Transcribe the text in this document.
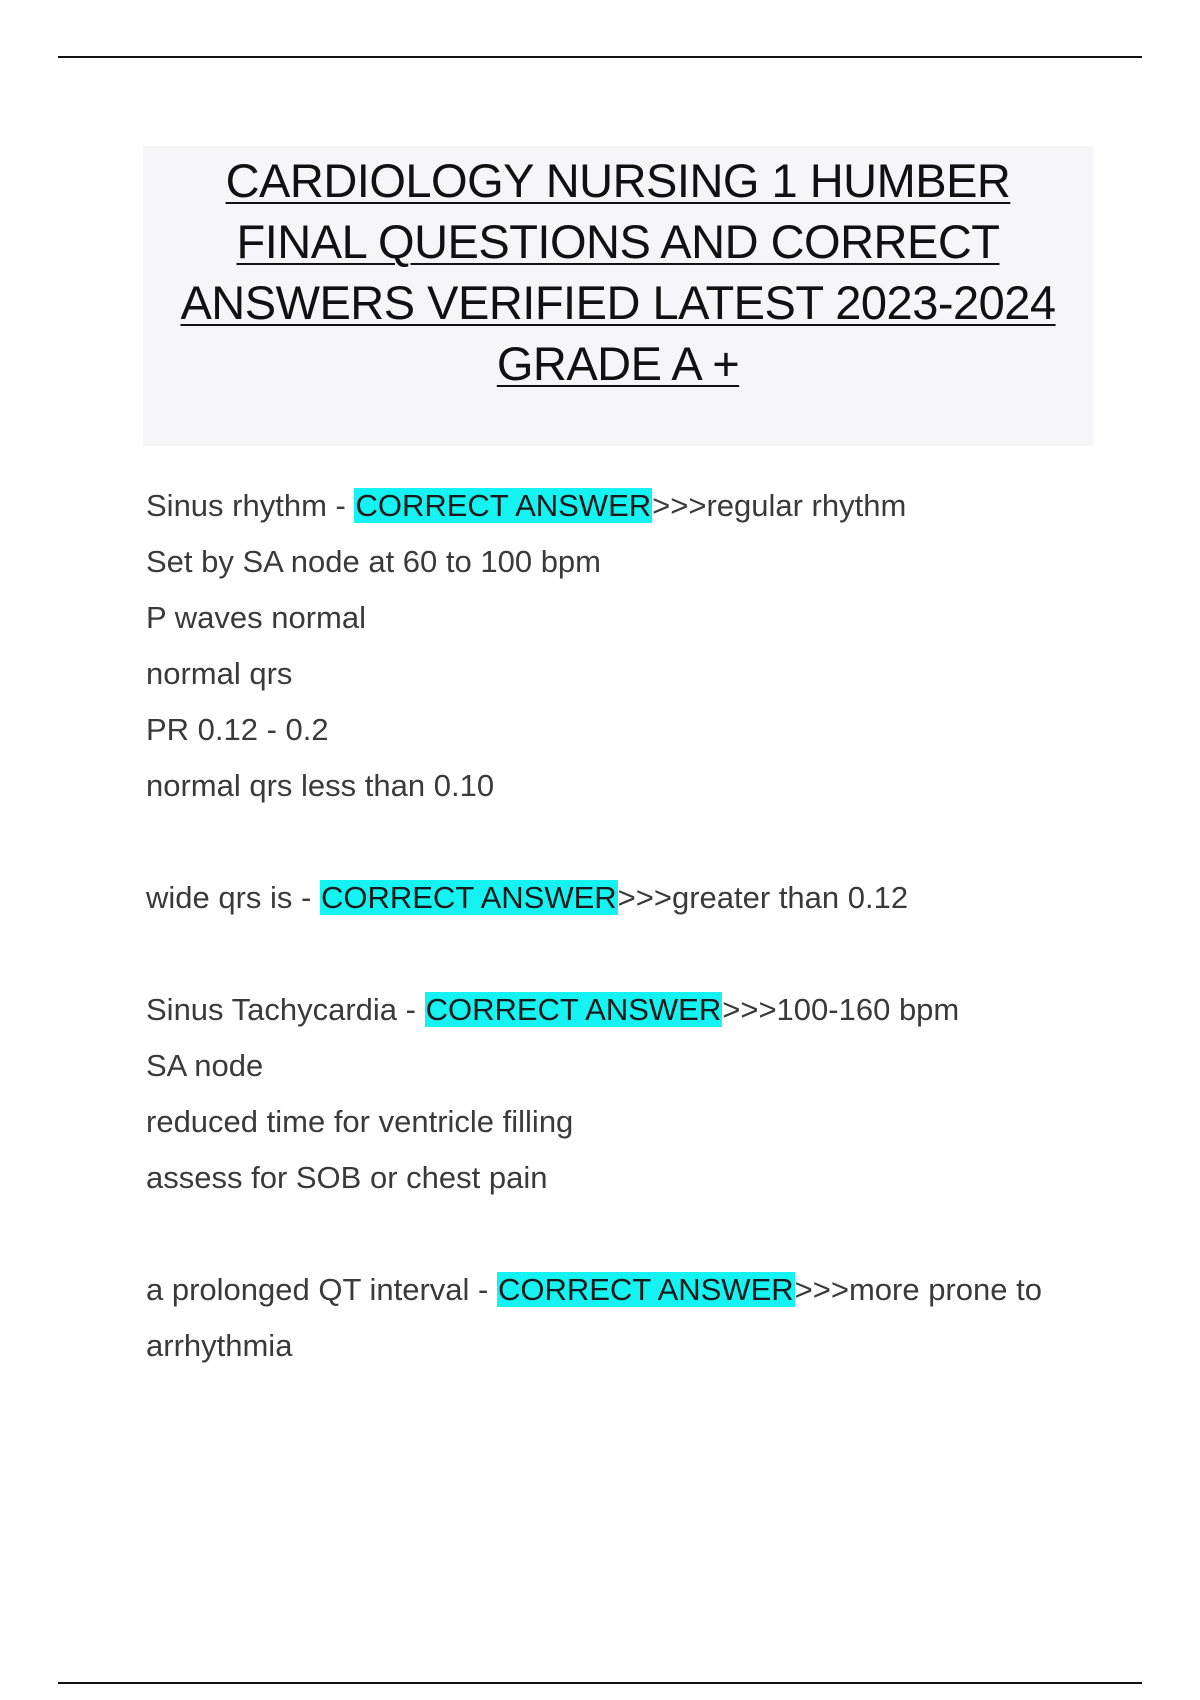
CARDIOLOGY NURSING 1 HUMBER
FINAL QUESTIONS AND CORRECT
ANSWERS VERIFIED LATEST 2023-2024
GRADE A +
Sinus rhythm - CORRECT ANSWER>>>regular rhythm
Set by SA node at 60 to 100 bpm
P waves normal
normal qrs
PR 0.12 - 0.2
normal qrs less than 0.10
wide qrs is - CORRECT ANSWER>>>greater than 0.12
Sinus Tachycardia - CORRECT ANSWER>>>100-160 bpm
SA node
reduced time for ventricle filling
assess for SOB or chest pain
a prolonged QT interval - CORRECT ANSWER>>>more prone to
arrhythmia
